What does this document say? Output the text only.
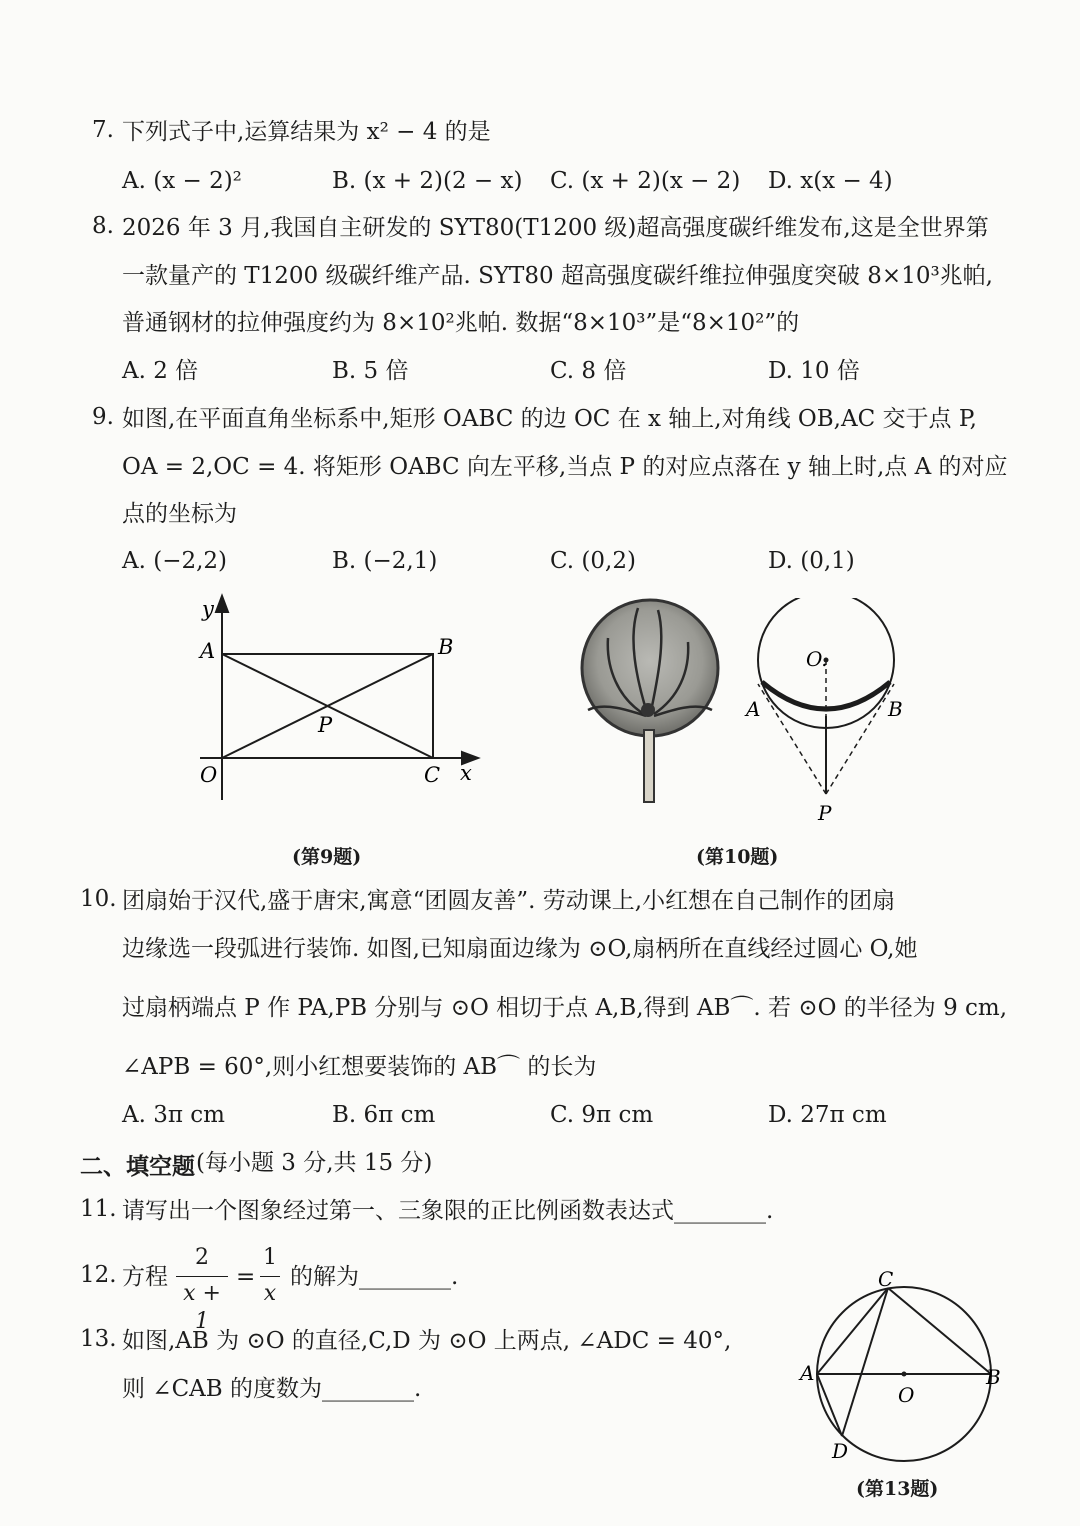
7. 下列式子中,运算结果为 x² − 4 的是
A. (x − 2)²	B. (x + 2)(2 − x) C. (x + 2)(x − 2) D. x(x − 4)
8. 2026 年 3 月,我国自主研发的 SYT80(T1200 级)超高强度碳纤维发布,这是全世界第
一款量产的 T1200 级碳纤维产品. SYT80 超高强度碳纤维拉伸强度突破 8×10³兆帕,
普通钢材的拉伸强度约为 8×10²兆帕. 数据“8×10³”是“8×10²”的
A. 2 倍	B. 5 倍	C. 8 倍	D. 10 倍
9. 如图,在平面直角坐标系中,矩形 OABC 的边 OC 在 x 轴上,对角线 OB,AC 交于点 P,
OA = 2,OC = 4. 将矩形 OABC 向左平移,当点 P 的对应点落在 y 轴上时,点 A 的对应
点的坐标为
A. (−2,2)	B. (−2,1)	C. (0,2)	D. (0,1)
y
x
A	B
O	C
P
(第9题)
O.
A	B
P
(第10题)
10. 团扇始于汉代,盛于唐宋,寓意“团圆友善”. 劳动课上,小红想在自己制作的团扇
边缘选一段弧进行装饰. 如图,已知扇面边缘为 ⊙O,扇柄所在直线经过圆心 O,她
过扇柄端点 P 作 PA,PB 分别与 ⊙O 相切于点 A,B,得到 AB⌒. 若 ⊙O 的半径为 9 cm,
∠APB = 60°,则小红想要装饰的 AB⌒ 的长为
A. 3π cm	B. 6π cm	C. 9π cm	D. 27π cm
二、填空题 (每小题 3 分,共 15 分)
11. 请写出一个图象经过第一、三象限的正比例函数表达式________.
12. 方程
2
x + 1
=
1
x
的解为________.
13. 如图,AB 为 ⊙O 的直径,C,D 为 ⊙O 上两点, ∠ADC = 40°,
则 ∠CAB 的度数为________.
C
A
O
B
D
(第13题)
